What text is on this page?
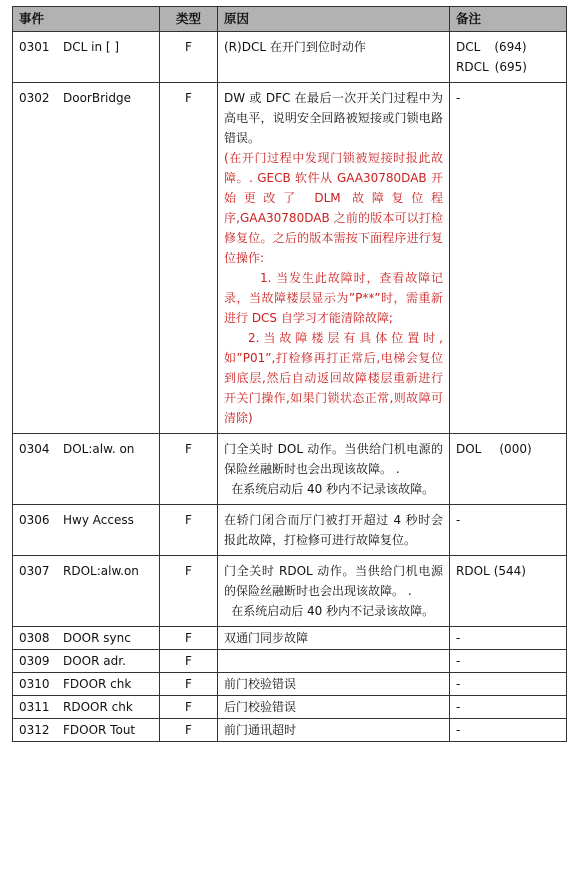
事件	类型	原因	备注
0301 DCL in [ ]	F	(R)DCL 在开门到位时动作	DCL (694)
RDCL (695)

0302 DoorBridge	F	DW 或 DFC 在最后一次开关门过程中为高电平，说明安全回路被短接或门锁电路错误。
(在开门过程中发现门锁被短接时报此故障。. GECB 软件从 GAA30780DAB 开始更改了 DLM 故障复位程序,GAA30780DAB 之前的版本可以打检修复位。之后的版本需按下面程序进行复位操作:
1. 当发生此故障时，查看故障记录，当故障楼层显示为”P**”时，需重新进行 DCS 自学习才能清除故障;
2.当故障楼层有具体位置时,如”P01”,打检修再打正常后,电梯会复位到底层,然后自动返回故障楼层重新进行开关门操作,如果门锁状态正常,则故障可清除)	-
0304 DOL:alw. on	F	门全关时 DOL 动作。当供给门机电源的保险丝融断时也会出现该故障。 .
在系统启动后 40 秒内不记录该故障。	DOL (000)

0306 Hwy Access	F	在轿门闭合而厅门被打开超过 4 秒时会报此故障，打检修可进行故障复位。	-
0307 RDOL:alw.on	F	门全关时 RDOL 动作。当供给门机电源的保险丝融断时也会出现该故障。 .
在系统启动后 40 秒内不记录该故障。	RDOL (544)

0308 DOOR sync	F	双通门同步故障	-
0309 DOOR adr.	F		-
0310 FDOOR chk	F	前门校验错误	-
0311 RDOOR chk	F	后门校验错误	-
0312 FDOOR Tout	F	前门通讯超时	-
